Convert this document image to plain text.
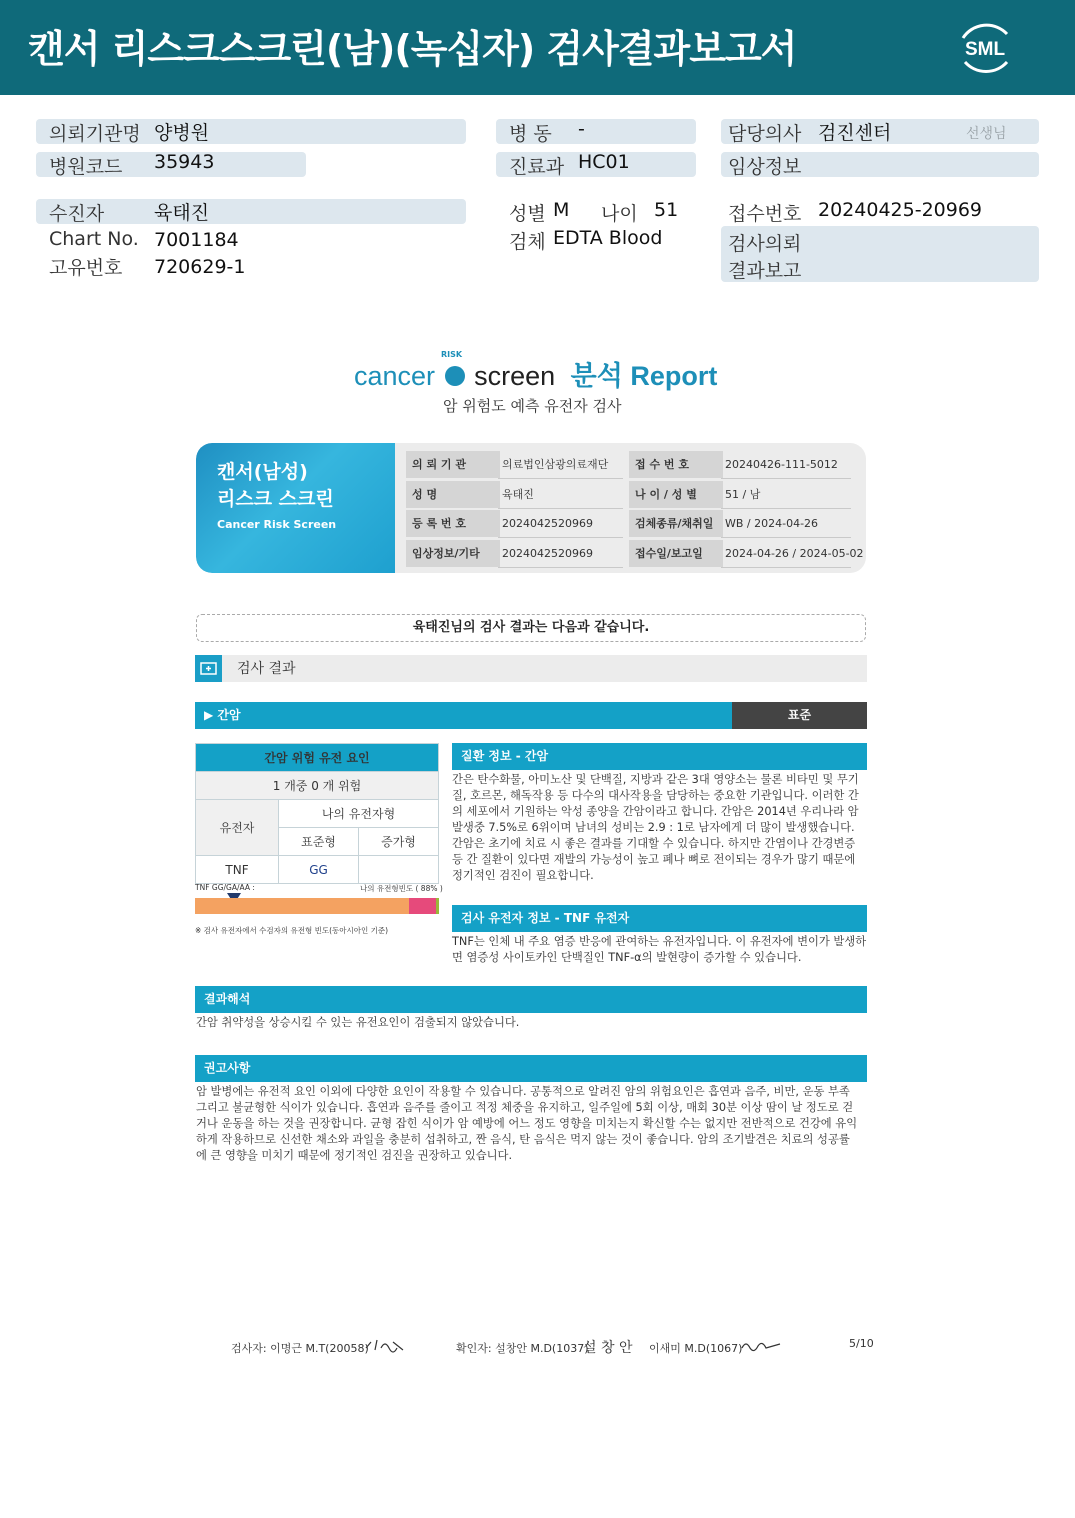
캔서 리스크스크린(남)(녹십자) 검사결과보고서	SML
의뢰기관명 양병원
병원코드 35943
수진자	육태진
Chart No. 7001184
고유번호 720629-1
병 동 -
진료과 HC01
성별 M 나이 51
검체 EDTA Blood
담당의사 검진센터	선생님
임상정보
접수번호 20240425-20969
검사의뢰
결과보고
cancer screen 분석 Report
RISK
암 위험도 예측 유전자 검사
캔서(남성)
리스크 스크린
Cancer Risk Screen
의 뢰 기 관	의료법인삼광의료재단	접 수 번 호	20240426-111-5012
성 명	육태진	나 이 / 성 별	51 / 남
등 록 번 호	2024042520969	검체종류/채취일	WB / 2024-04-26
임상정보/기타	2024042520969	접수일/보고일	2024-04-26 / 2024-05-02
육태진님의 검사 결과는 다음과 같습니다.
검사 결과
▶ 간암	표준
간암 위험 유전 요인		
1 개중 0 개 위험		
유전자	나의 유전자형	
	표준형	증가형
TNF	GG	
TNF GG/GA/AA :	나의 유전형빈도 ( 88% )
※ 검사 유전자에서 수검자의 유전형 빈도(동아시아인 기준)
질환 정보 - 간암
간은 탄수화물, 아미노산 및 단백질, 지방과 같은 3대 영양소는 물론 비타민 및 무기질, 호르몬, 해독작용 등 다수의 대사작용을 담당하는 중요한 기관입니다. 이러한 간의 세포에서 기원하는 악성 종양을 간암이라고 합니다. 간암은 2014년 우리나라 암 발생중 7.5%로 6위이며 남녀의 성비는 2.9 : 1로 남자에게 더 많이 발생했습니다. 간암은 초기에 치료 시 좋은 결과를 기대할 수 있습니다. 하지만 간염이나 간경변증 등 간 질환이 있다면 재발의 가능성이 높고 폐나 뼈로 전이되는 경우가 많기 때문에 정기적인 검진이 필요합니다.
검사 유전자 정보 - TNF 유전자
TNF는 인체 내 주요 염증 반응에 관여하는 유전자입니다. 이 유전자에 변이가 발생하면 염증성 사이토카인 단백질인 TNF-α의 발현량이 증가할 수 있습니다.
결과해석
간암 취약성을 상승시킬 수 있는 유전요인이 검출되지 않았습니다.
권고사항
암 발병에는 유전적 요인 이외에 다양한 요인이 작용할 수 있습니다. 공통적으로 알려진 암의 위험요인은 흡연과 음주, 비만, 운동 부족 그리고 불균형한 식이가 있습니다. 흡연과 음주를 줄이고 적정 체중을 유지하고, 일주일에 5회 이상, 매회 30분 이상 땀이 날 정도로 걷거나 운동을 하는 것을 권장합니다. 균형 잡힌 식이가 암 예방에 어느 정도 영향을 미치는지 확신할 수는 없지만 전반적으로 건강에 유익하게 작용하므로 신선한 채소와 과일을 충분히 섭취하고, 짠 음식, 탄 음식은 먹지 않는 것이 좋습니다. 암의 조기발견은 치료의 성공률에 큰 영향을 미치기 때문에 정기적인 검진을 권장하고 있습니다.
검사자: 이명근 M.T(20058)	확인자: 설창안 M.D(1037)
설 창 안 이새미 M.D(1067)	5/10
